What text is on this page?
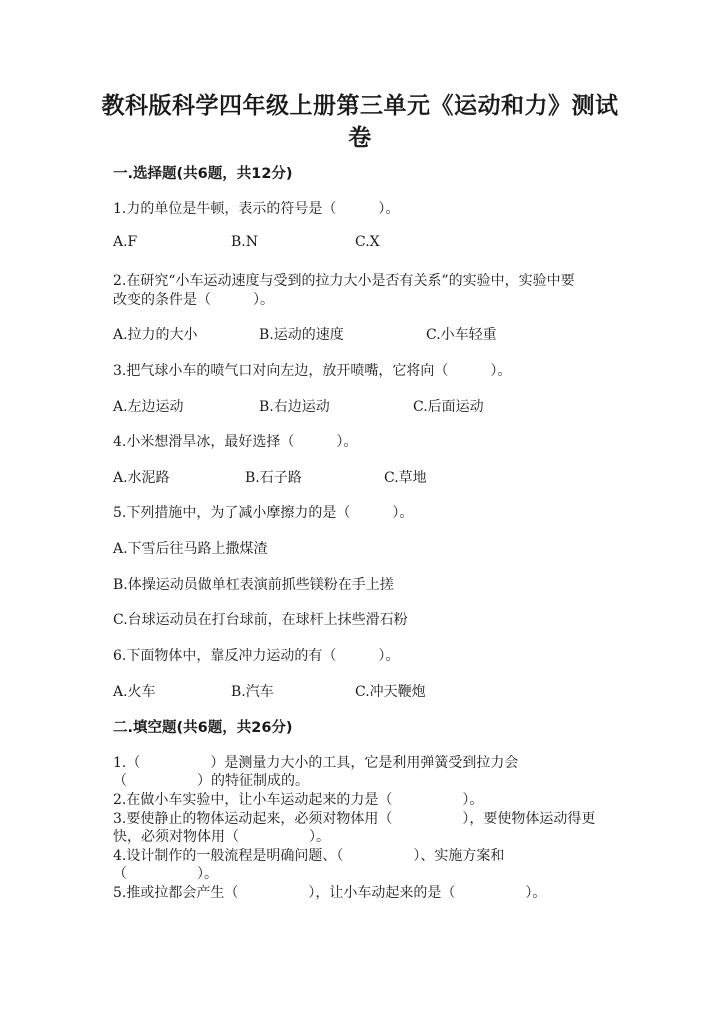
教科版科学四年级上册第三单元《运动和力》测试
卷
一.选择题(共6题，共12分)
1.力的单位是牛顿，表示的符号是（　　　）。
A.F	B.N	C.X
2.在研究“小车运动速度与受到的拉力大小是否有关系”的实验中，实验中要
改变的条件是（　　　）。
A.拉力的大小	B.运动的速度	C.小车轻重
3.把气球小车的喷气口对向左边，放开喷嘴，它将向（　　　）。
A.左边运动	B.右边运动	C.后面运动
4.小米想滑旱冰，最好选择（　　　）。
A.水泥路	B.石子路	C.草地
5.下列措施中，为了减小摩擦力的是（　　　）。
A.下雪后往马路上撒煤渣
B.体操运动员做单杠表演前抓些镁粉在手上搓
C.台球运动员在打台球前，在球杆上抹些滑石粉
6.下面物体中，靠反冲力运动的有（　　　）。
A.火车	B.汽车	C.冲天鞭炮
二.填空题(共6题，共26分)
1.（　　　　　）是测量力大小的工具，它是利用弹簧受到拉力会
（　　　　　）的特征制成的。
2.在做小车实验中，让小车运动起来的力是（　　　　　）。
3.要使静止的物体运动起来，必须对物体用（　　　　　），要使物体运动得更
快，必须对物体用（　　　　　）。
4.设计制作的一般流程是明确问题、（　　　　　）、实施方案和
（　　　　　）。
5.推或拉都会产生（　　　　　），让小车动起来的是（　　　　　）。
